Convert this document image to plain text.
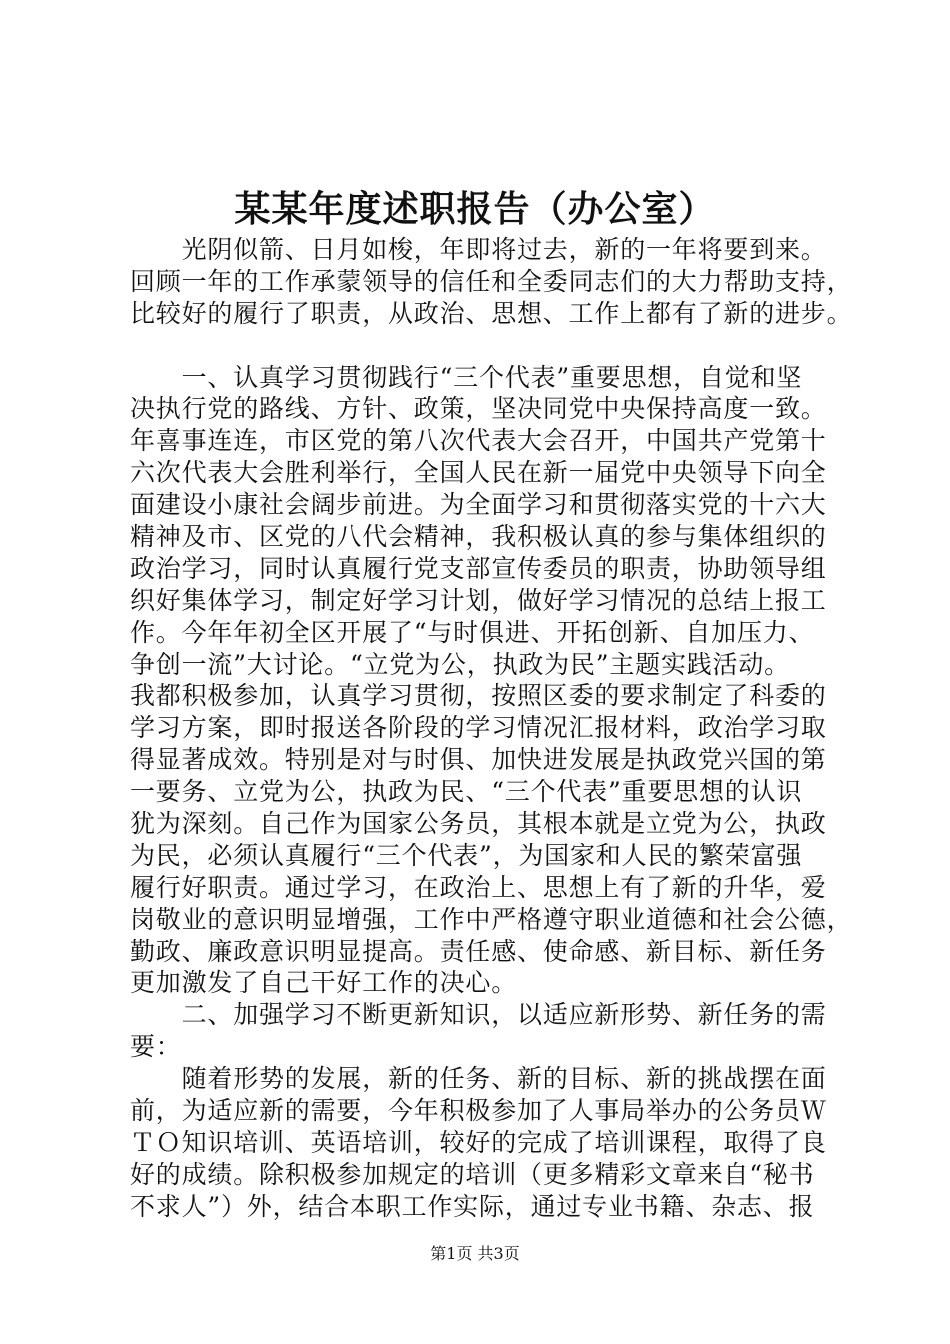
某某年度述职报告（办公室）
　　光阴似箭、日月如梭，年即将过去，新的一年将要到来。
回顾一年的工作承蒙领导的信任和全委同志们的大力帮助支持，
比较好的履行了职责，从政治、思想、工作上都有了新的进步。
　　一、认真学习贯彻践行“三个代表”重要思想，自觉和坚
决执行党的路线、方针、政策，坚决同党中央保持高度一致。
年喜事连连，市区党的第八次代表大会召开，中国共产党第十
六次代表大会胜利举行，全国人民在新一届党中央领导下向全
面建设小康社会阔步前进。为全面学习和贯彻落实党的十六大
精神及市、区党的八代会精神，我积极认真的参与集体组织的
政治学习，同时认真履行党支部宣传委员的职责，协助领导组
织好集体学习，制定好学习计划，做好学习情况的总结上报工
作。今年年初全区开展了“与时俱进、开拓创新、自加压力、
争创一流”大讨论。“立党为公，执政为民”主题实践活动。
我都积极参加，认真学习贯彻，按照区委的要求制定了科委的
学习方案，即时报送各阶段的学习情况汇报材料，政治学习取
得显著成效。特别是对与时俱、加快进发展是执政党兴国的第
一要务、立党为公，执政为民、“三个代表”重要思想的认识
犹为深刻。自己作为国家公务员，其根本就是立党为公，执政
为民，必须认真履行“三个代表”，为国家和人民的繁荣富强
履行好职责。通过学习，在政治上、思想上有了新的升华，爱
岗敬业的意识明显增强，工作中严格遵守职业道德和社会公德，
勤政、廉政意识明显提高。责任感、使命感、新目标、新任务
更加激发了自己干好工作的决心。
　　二、加强学习不断更新知识，以适应新形势、新任务的需
要：
　　随着形势的发展，新的任务、新的目标、新的挑战摆在面
前，为适应新的需要，今年积极参加了人事局举办的公务员Ｗ
ＴＯ知识培训、英语培训，较好的完成了培训课程，取得了良
好的成绩。除积极参加规定的培训（更多精彩文章来自“秘书
不求人”）外，结合本职工作实际，通过专业书籍、杂志、报
第1页 共3页
